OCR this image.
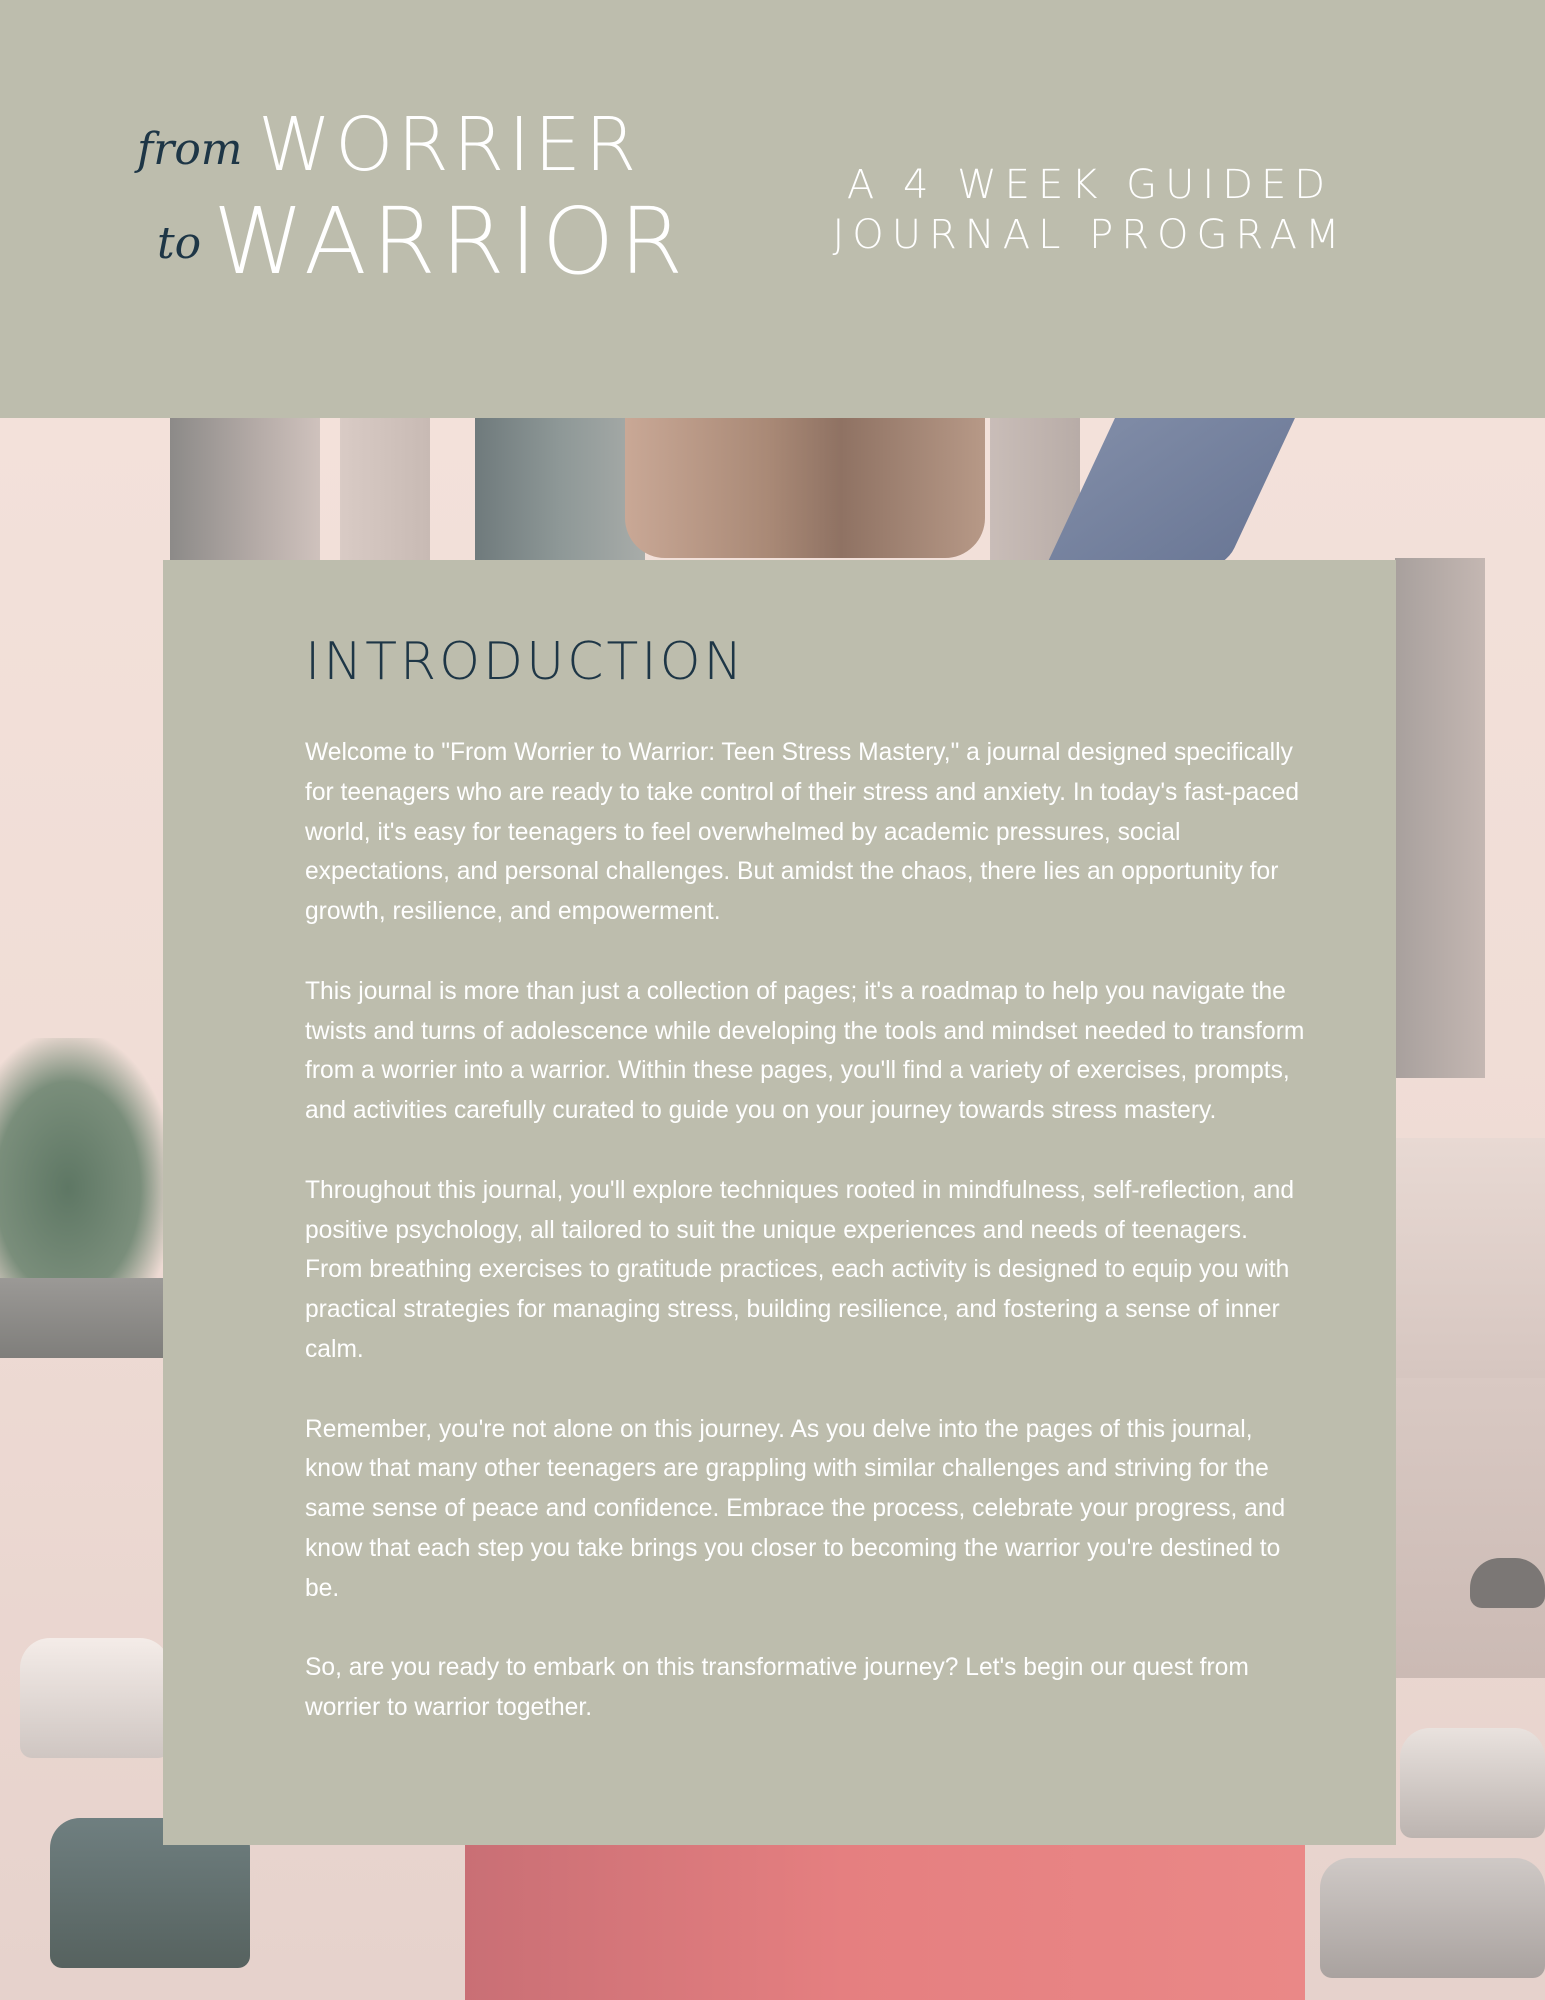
from WORRIER
to WARRIOR
A 4 WEEK GUIDED
JOURNAL PROGRAM
INTRODUCTION

Welcome to "From Worrier to Warrior: Teen Stress Mastery," a journal designed specifically for teenagers who are ready to take control of their stress and anxiety. In today's fast-paced world, it's easy for teenagers to feel overwhelmed by academic pressures, social expectations, and personal challenges. But amidst the chaos, there lies an opportunity for growth, resilience, and empowerment.

This journal is more than just a collection of pages; it's a roadmap to help you navigate the twists and turns of adolescence while developing the tools and mindset needed to transform from a worrier into a warrior. Within these pages, you'll find a variety of exercises, prompts, and activities carefully curated to guide you on your journey towards stress mastery.

Throughout this journal, you'll explore techniques rooted in mindfulness, self-reflection, and positive psychology, all tailored to suit the unique experiences and needs of teenagers. From breathing exercises to gratitude practices, each activity is designed to equip you with practical strategies for managing stress, building resilience, and fostering a sense of inner calm.

Remember, you're not alone on this journey. As you delve into the pages of this journal, know that many other teenagers are grappling with similar challenges and striving for the same sense of peace and confidence. Embrace the process, celebrate your progress, and know that each step you take brings you closer to becoming the warrior you're destined to be.

So, are you ready to embark on this transformative journey? Let's begin our quest from worrier to warrior together.
